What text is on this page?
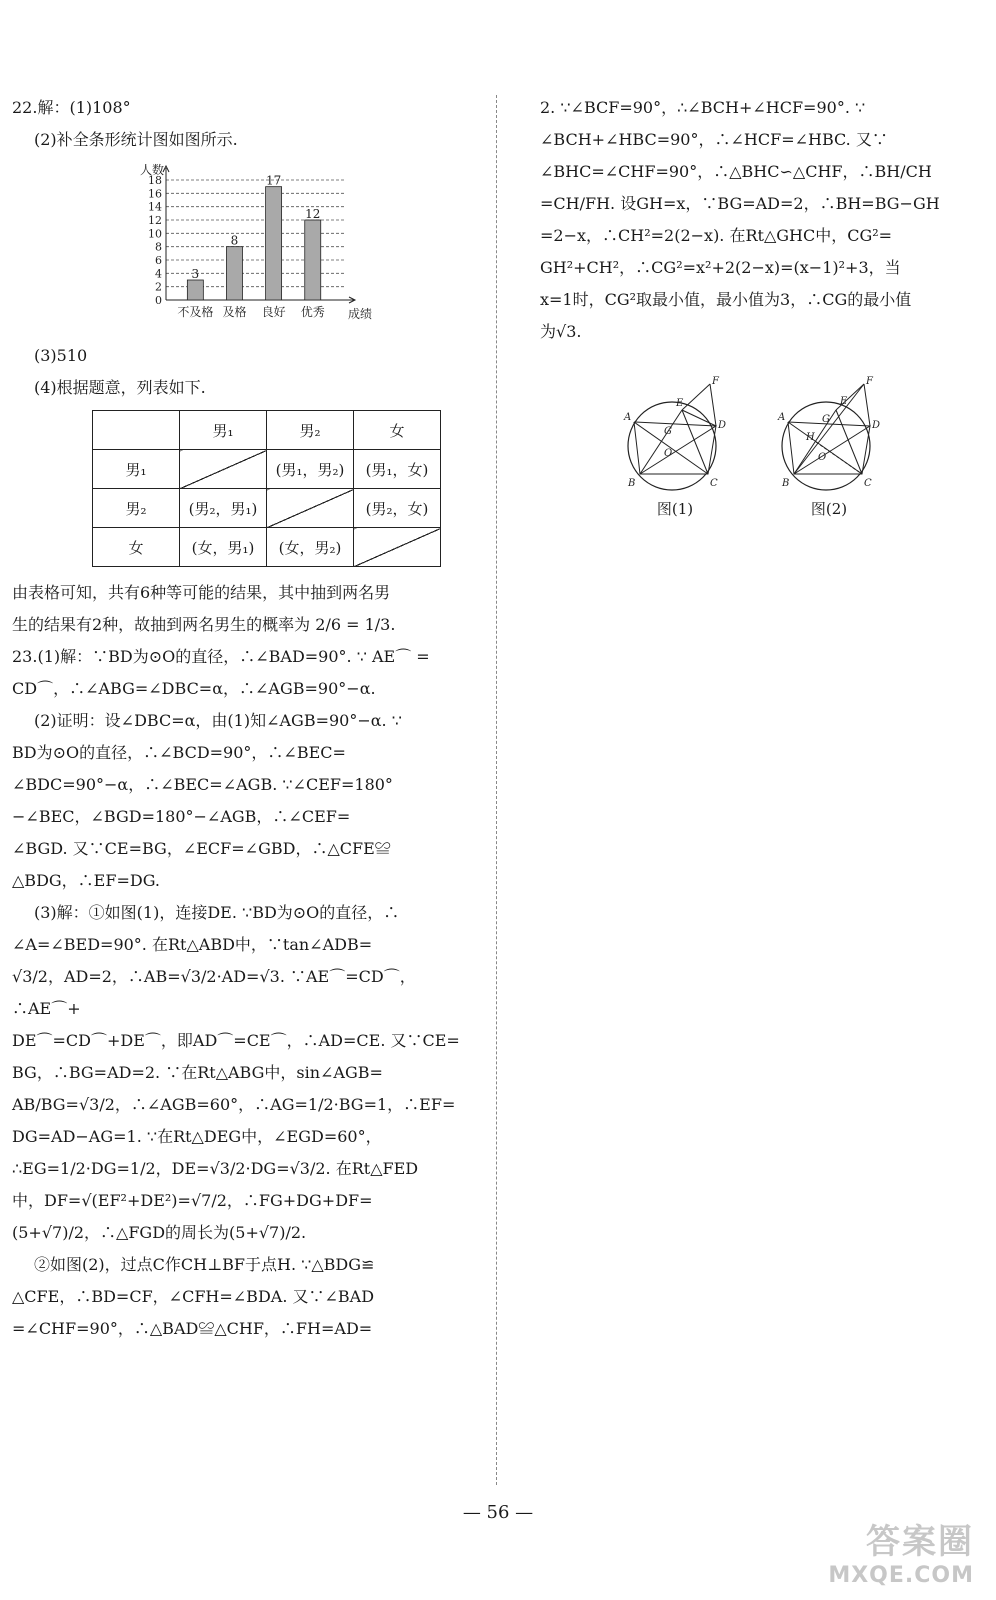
22.解：(1)108°

(2)补全条形统计图如图所示.

0
2
4
6
8
10
12
14
16
18
人数
成绩
3
不及格
8
及格
17
良好
12
优秀

(3)510

(4)根据题意，列表如下.

	男₁	男₂	女
男₁		(男₁，男₂)	(男₁，女)
男₂	(男₂，男₁)		(男₂，女)
女	(女，男₁)	(女，男₂)	

由表格可知，共有6种等可能的结果，其中抽到两名男

生的结果有2种，故抽到两名男生的概率为 2/6 = 1/3.

23.(1)解：∵BD为⊙O的直径，∴∠BAD=90°. ∵ AE⌒ =

CD⌒，∴∠ABG=∠DBC=α，∴∠AGB=90°−α.

(2)证明：设∠DBC=α，由(1)知∠AGB=90°−α. ∵

BD为⊙O的直径，∴∠BCD=90°，∴∠BEC=

∠BDC=90°−α，∴∠BEC=∠AGB. ∵∠CEF=180°

−∠BEC，∠BGD=180°−∠AGB，∴∠CEF=

∠BGD. 又∵CE=BG，∠ECF=∠GBD，∴△CFE≌

△BDG，∴EF=DG.

(3)解：①如图(1)，连接DE. ∵BD为⊙O的直径，∴

∠A=∠BED=90°. 在Rt△ABD中，∵tan∠ADB=

√3/2，AD=2，∴AB=√3/2·AD=√3. ∵AE⌒=CD⌒，∴AE⌒+

DE⌒=CD⌒+DE⌒，即AD⌒=CE⌒，∴AD=CE. 又∵CE=

BG，∴BG=AD=2. ∵在Rt△ABG中，sin∠AGB=

AB/BG=√3/2，∴∠AGB=60°，∴AG=1/2·BG=1，∴EF=

DG=AD−AG=1. ∵在Rt△DEG中，∠EGD=60°，

∴EG=1/2·DG=1/2，DE=√3/2·DG=√3/2. 在Rt△FED

中，DF=√(EF²+DE²)=√7/2，∴FG+DG+DF=

(5+√7)/2，∴△FGD的周长为(5+√7)/2.

②如图(2)，过点C作CH⊥BF于点H. ∵△BDG≌

△CFE，∴BD=CF，∠CFH=∠BDA. 又∵∠BAD

=∠CHF=90°，∴△BAD≌△CHF，∴FH=AD=

2. ∵∠BCF=90°，∴∠BCH+∠HCF=90°. ∵

∠BCH+∠HBC=90°，∴∠HCF=∠HBC. 又∵

∠BHC=∠CHF=90°，∴△BHC∽△CHF，∴BH/CH

=CH/FH. 设GH=x，∵BG=AD=2，∴BH=BG−GH

=2−x，∴CH²=2(2−x). 在Rt△GHC中，CG²=

GH²+CH²，∴CG²=x²+2(2−x)=(x−1)²+3，当

x=1时，CG²取最小值，最小值为3，∴CG的最小值

为√3.

A
B	C
D
E
F
G
O
图(1)
A
B	C
D
E
F
G
O
H
图(2)
— 56 —
答案圈
MXQE.COM
